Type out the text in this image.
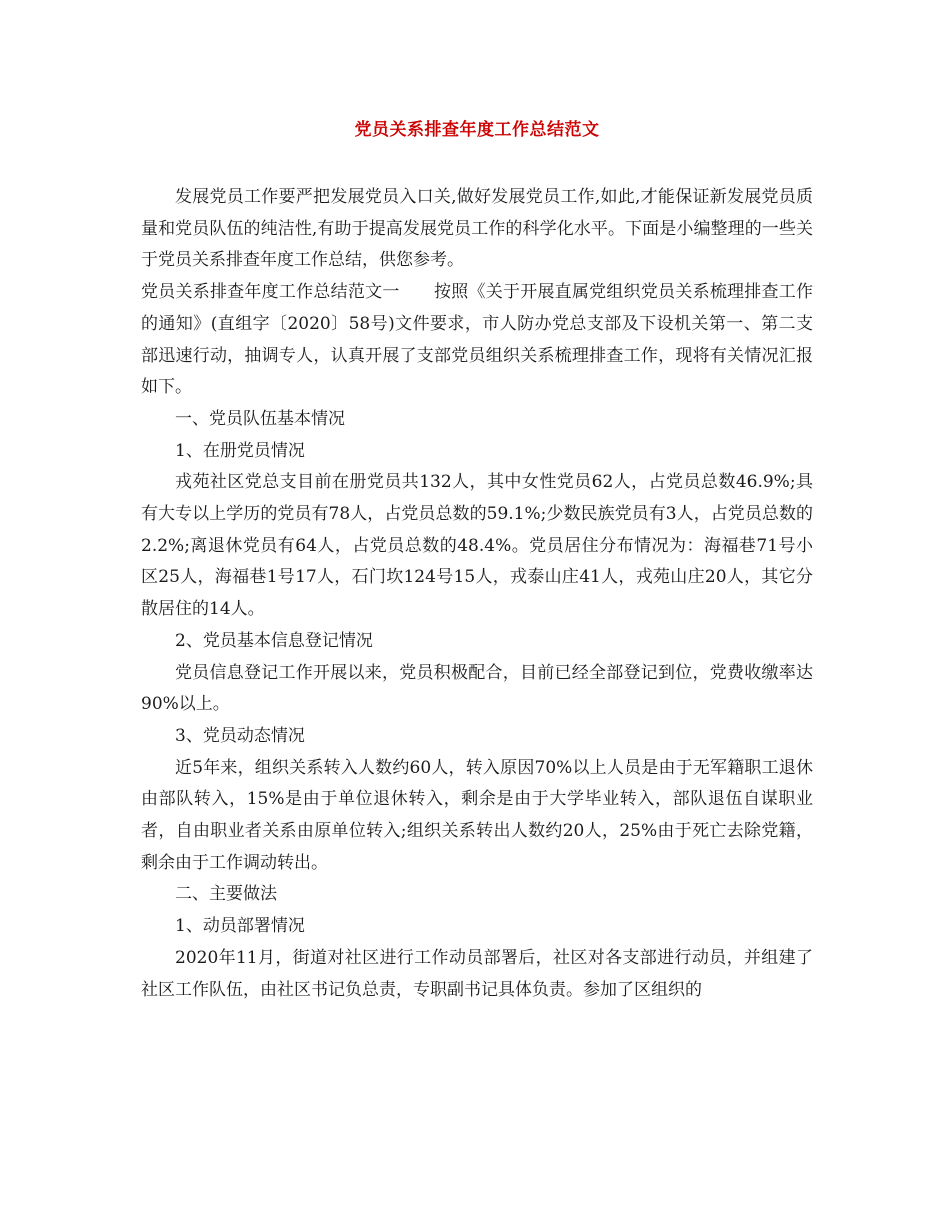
党员关系排查年度工作总结范文

发展党员工作要严把发展党员入口关,做好发展党员工作,如此,才能保证新发展党员质量和党员队伍的纯洁性,有助于提高发展党员工作的科学化水平。下面是小编整理的一些关于党员关系排查年度工作总结，供您参考。

党员关系排查年度工作总结范文一　　按照《关于开展直属党组织党员关系梳理排查工作的通知》(直组字〔2020〕58号)文件要求，市人防办党总支部及下设机关第一、第二支部迅速行动，抽调专人，认真开展了支部党员组织关系梳理排查工作，现将有关情况汇报如下。

一、党员队伍基本情况

1、在册党员情况

戎苑社区党总支目前在册党员共132人，其中女性党员62人，占党员总数46.9%;具有大专以上学历的党员有78人，占党员总数的59.1%;少数民族党员有3人，占党员总数的2.2%;离退休党员有64人，占党员总数的48.4%。党员居住分布情况为：海福巷71号小区25人，海福巷1号17人，石门坎124号15人，戎泰山庄41人，戎苑山庄20人，其它分散居住的14人。

2、党员基本信息登记情况

党员信息登记工作开展以来，党员积极配合，目前已经全部登记到位，党费收缴率达90%以上。

3、党员动态情况

近5年来，组织关系转入人数约60人，转入原因70%以上人员是由于无军籍职工退休由部队转入，15%是由于单位退休转入，剩余是由于大学毕业转入，部队退伍自谋职业者，自由职业者关系由原单位转入;组织关系转出人数约20人，25%由于死亡去除党籍，剩余由于工作调动转出。

二、主要做法

1、动员部署情况

2020年11月，街道对社区进行工作动员部署后，社区对各支部进行动员，并组建了社区工作队伍，由社区书记负总责，专职副书记具体负责。参加了区组织的
